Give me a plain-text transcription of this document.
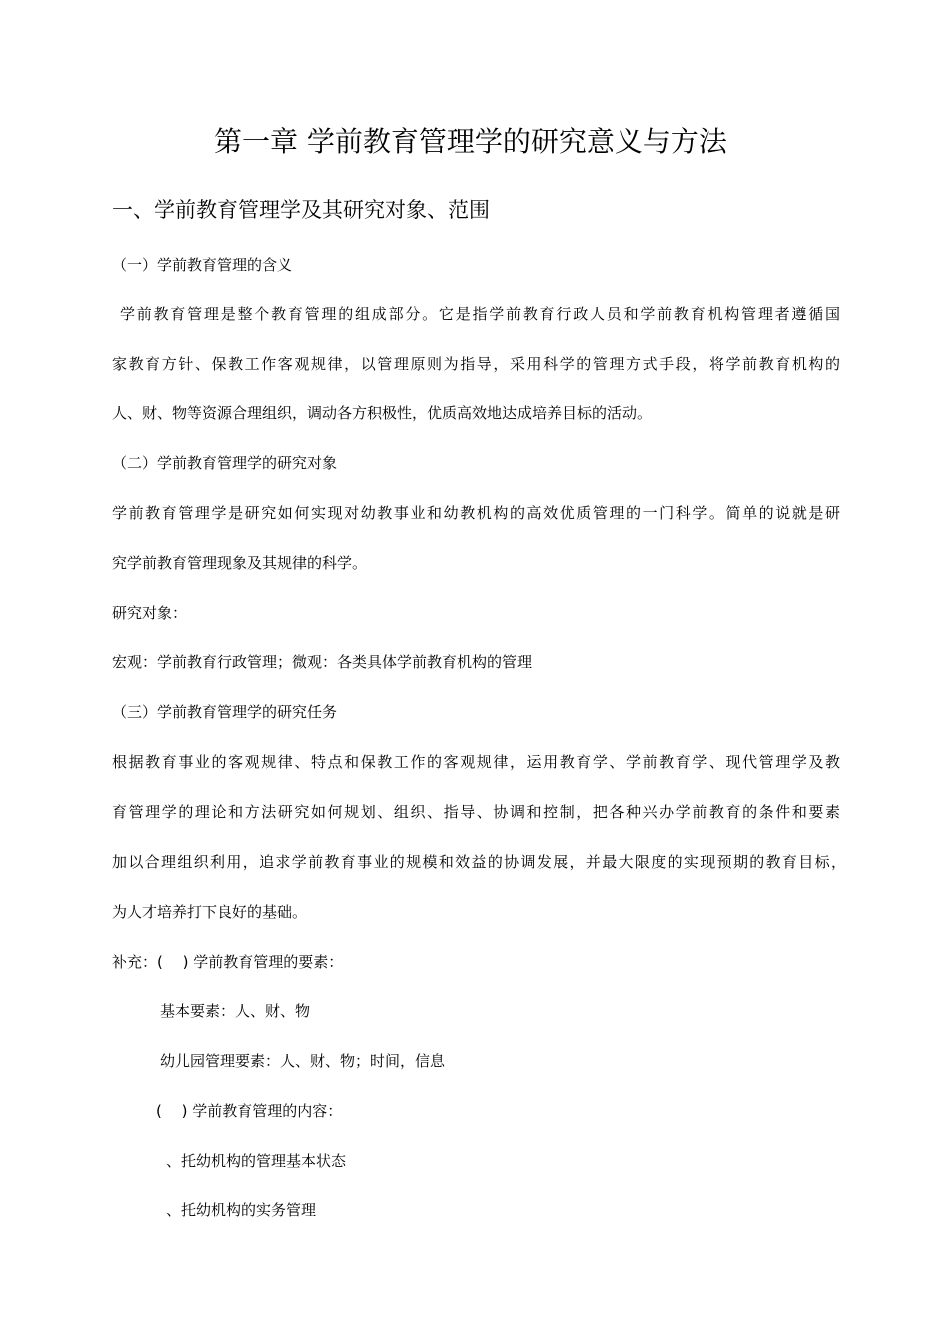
第一章 学前教育管理学的研究意义与方法
一、学前教育管理学及其研究对象、范围
（一）学前教育管理的含义
学前教育管理是整个教育管理的组成部分。它是指学前教育行政人员和学前教育机构管理者遵循国
家教育方针、保教工作客观规律，以管理原则为指导，采用科学的管理方式手段，将学前教育机构的
人、财、物等资源合理组织，调动各方积极性，优质高效地达成培养目标的活动。
（二）学前教育管理学的研究对象
学前教育管理学是研究如何实现对幼教事业和幼教机构的高效优质管理的一门科学。简单的说就是研
究学前教育管理现象及其规律的科学。
研究对象：
宏观：学前教育行政管理；微观：各类具体学前教育机构的管理
（三）学前教育管理学的研究任务
根据教育事业的客观规律、特点和保教工作的客观规律，运用教育学、学前教育学、现代管理学及教
育管理学的理论和方法研究如何规划、组织、指导、协调和控制，把各种兴办学前教育的条件和要素
加以合理组织利用，追求学前教育事业的规模和效益的协调发展，并最大限度的实现预期的教育目标，
为人才培养打下良好的基础。
补充：(　 ) 学前教育管理的要素：
基本要素：人、财、物
幼儿园管理要素：人、财、物；时间，信息
(　 ) 学前教育管理的内容：
、托幼机构的管理基本状态
、托幼机构的实务管理
